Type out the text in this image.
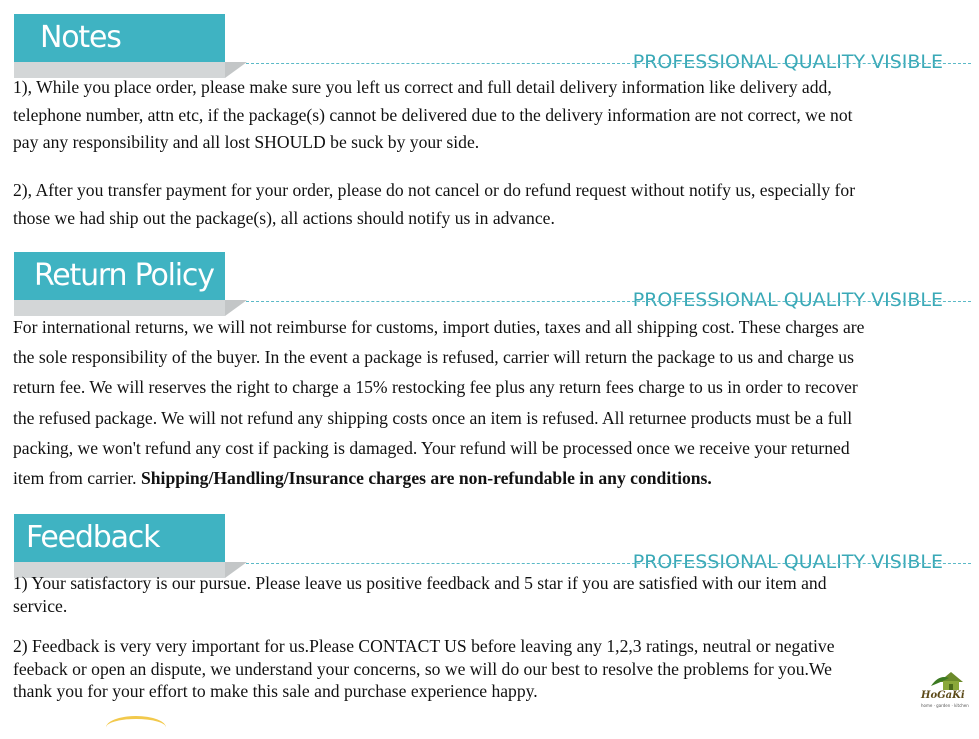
Notes
PROFESSIONAL QUALITY VISIBLE
1), While you place order, please make sure you left us correct and full detail delivery information like delivery add,
telephone number, attn etc, if the package(s) cannot be delivered due to the delivery information are not correct, we not
pay any responsibility and all lost SHOULD be suck by your side.
2), After you transfer payment for your order, please do not cancel or do refund request without notify us, especially for
those we had ship out the package(s), all actions should notify us in advance.
Return Policy
PROFESSIONAL QUALITY VISIBLE
For international returns, we will not reimburse for customs, import duties, taxes and all shipping cost. These charges are
the sole responsibility of the buyer. In the event a package is refused, carrier will return the package to us and charge us
return fee. We will reserves the right to charge a 15% restocking fee plus any return fees charge to us in order to recover
the refused package. We will not refund any shipping costs once an item is refused. All returnee products must be a full
packing, we won't refund any cost if packing is damaged. Your refund will be processed once we receive your returned
item from carrier. Shipping/Handling/Insurance charges are non-refundable in any conditions.
Feedback
PROFESSIONAL QUALITY VISIBLE
1) Your satisfactory is our pursue. Please leave us positive feedback and 5 star if you are satisfied with our item and
service.
2) Feedback is very very important for us.Please CONTACT US before leaving any 1,2,3 ratings, neutral or negative
feeback or open an dispute, we understand your concerns, so we will do our best to resolve the problems for you.We
thank you for your effort to make this sale and purchase experience happy.	HoGaKi
home · garden · kitchen
